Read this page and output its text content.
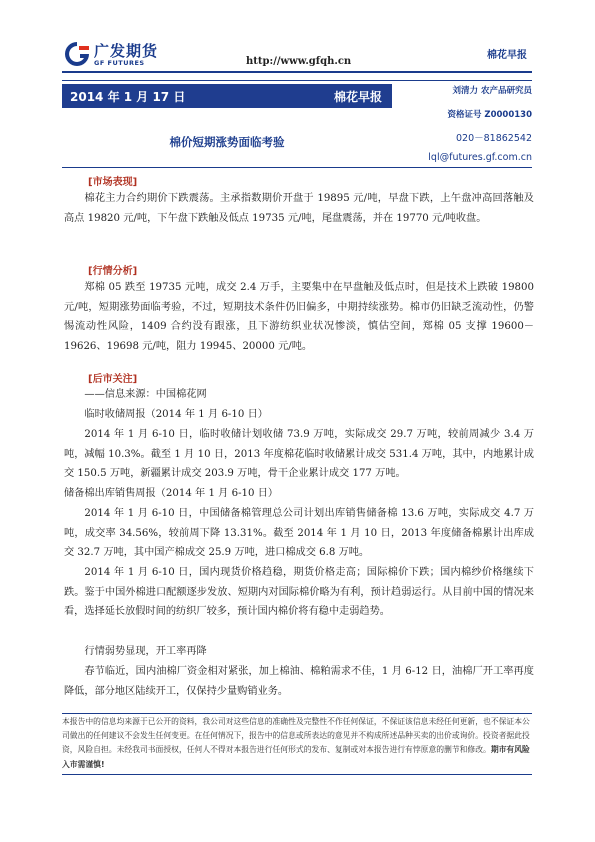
广发期货
GF FUTURES
棉花早报
http://www.gfqh.cn
2014 年 1 月 17 日	棉花早报
棉价短期涨势面临考验
刘清力 农产品研究员
资格证号 Z0000130
020－81862542
lql@futures.gf.com.cn
[市场表现]
棉花主力合约期价下跌震荡。主承指数期价开盘于 19895 元/吨，早盘下跌，上午盘冲高回落触及高点 19820 元/吨，下午盘下跌触及低点 19735 元/吨，尾盘震荡，并在 19770 元/吨收盘。
[行情分析]
郑棉 05 跌至 19735 元吨，成交 2.4 万手，主要集中在早盘触及低点时，但是技术上跌破 19800 元/吨，短期涨势面临考验，不过，短期技术条件仍旧偏多，中期持续涨势。棉市仍旧缺乏流动性，仍警惕流动性风险，1409 合约没有跟涨，且下游纺织业状况惨淡，慎估空间，郑棉 05 支撑 19600－19626、19698 元/吨，阻力 19945、20000 元/吨。
[后市关注]
——信息来源：中国棉花网
临时收储周报（2014 年 1 月 6-10 日）
2014 年 1 月 6-10 日，临时收储计划收储 73.9 万吨，实际成交 29.7 万吨，较前周减少 3.4 万吨，减幅 10.3%。截至 1 月 10 日，2013 年度棉花临时收储累计成交 531.4 万吨，其中，内地累计成交 150.5 万吨，新疆累计成交 203.9 万吨，骨干企业累计成交 177 万吨。
储备棉出库销售周报（2014 年 1 月 6-10 日）
2014 年 1 月 6-10 日，中国储备棉管理总公司计划出库销售储备棉 13.6 万吨，实际成交 4.7 万吨，成交率 34.56%，较前周下降 13.31%。截至 2014 年 1 月 10 日，2013 年度储备棉累计出库成交 32.7 万吨，其中国产棉成交 25.9 万吨，进口棉成交 6.8 万吨。
2014 年 1 月 6-10 日，国内现货价格趋稳，期货价格走高；国际棉价下跌；国内棉纱价格继续下跌。鉴于中国外棉进口配额逐步发放、短期内对国际棉价略为有利，预计趋弱运行。从目前中国的情况来看，选择延长放假时间的纺织厂较多，预计国内棉价将有稳中走弱趋势。
行情弱势显现，开工率再降
春节临近，国内油棉厂资金相对紧张，加上棉油、棉粕需求不佳，1 月 6-12 日，油棉厂开工率再度降低，部分地区陆续开工，仅保持少量购销业务。
本报告中的信息均来源于已公开的资料，我公司对这些信息的准确性及完整性不作任何保证，不保证该信息未经任何更新，也不保证本公司做出的任何建议不会发生任何变更。在任何情况下，报告中的信息或所表达的意见并不构成所述品种买卖的出价或询价。投资者据此投资，风险自担。未经我司书面授权，任何人不得对本报告进行任何形式的发布、复制或对本报告进行有悖原意的删节和修改。期市有风险 入市需谨慎!
